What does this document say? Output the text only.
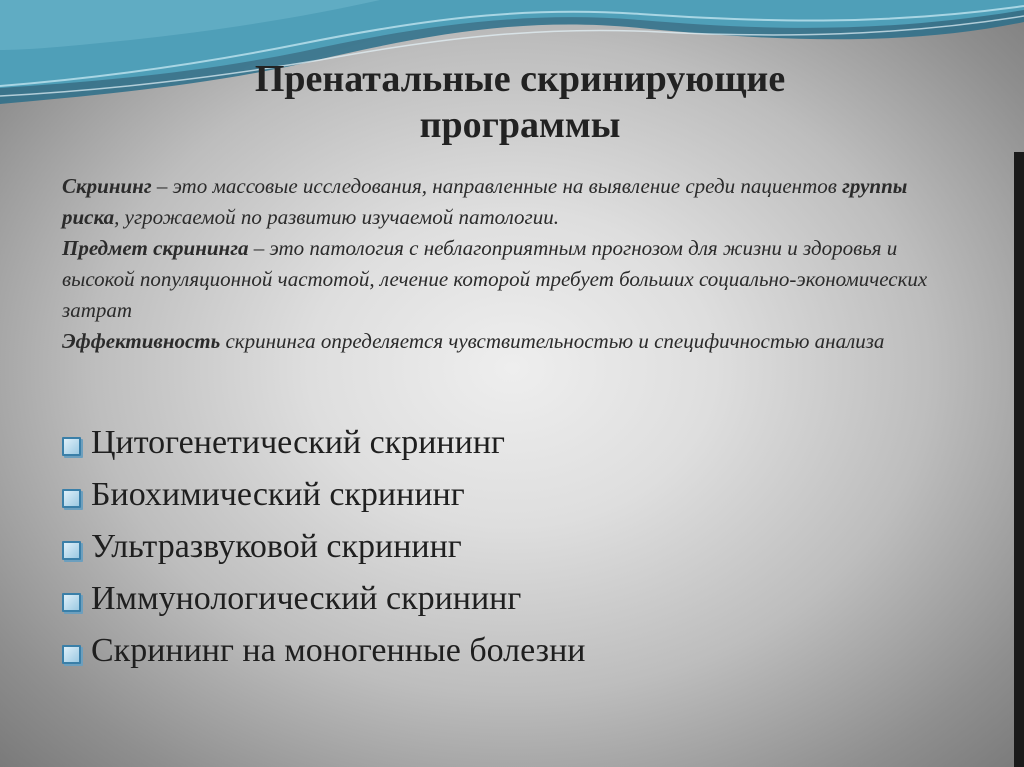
Пренатальные скринирующие
программы
Скрининг – это массовые исследования, направленные на выявление среди пациентов группы риска, угрожаемой по развитию изучаемой патологии.
Предмет скрининга – это патология с неблагоприятным прогнозом для жизни и здоровья и высокой популяционной частотой, лечение которой требует больших социально-экономических затрат
Эффективность скрининга определяется чувствительностью и специфичностью анализа
Цитогенетический скрининг
Биохимический скрининг
Ультразвуковой скрининг
Иммунологический скрининг
Скрининг на моногенные болезни
